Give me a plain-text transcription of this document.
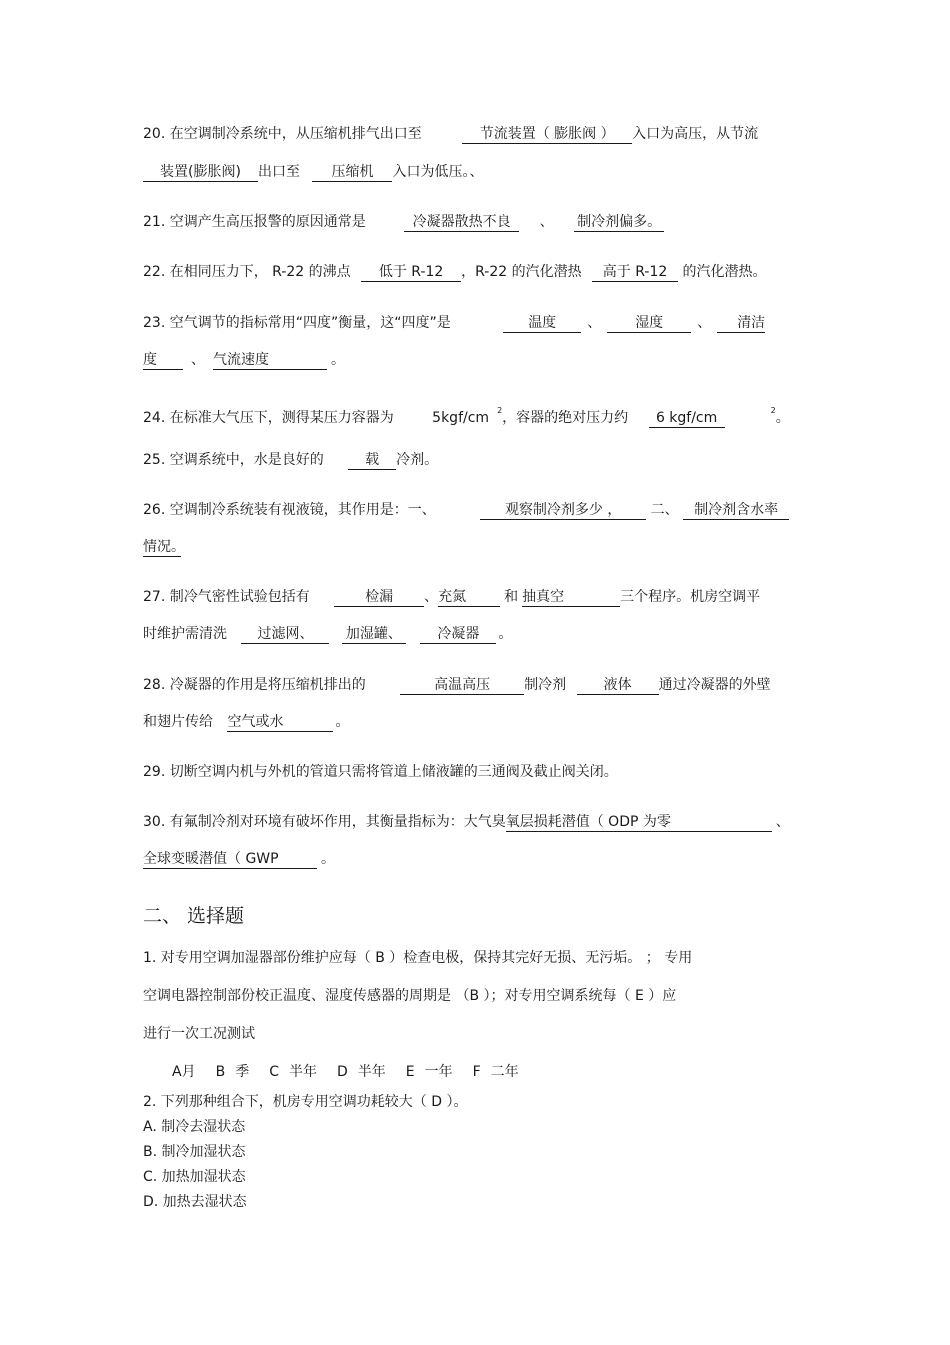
20. 在空调制冷系统中，从压缩机排气出口至	节流装置（ 膨胀阀 ） 入口为高压，从节流
装置(膨胀阀) 出口至 压缩机 入口为低压。、
21. 空调产生高压报警的原因通常是	冷凝器散热不良 、 制冷剂偏多。
22. 在相同压力下， R-22 的沸点 低于 R-12 ，R-22 的汽化潜热 高于 R-12 的汽化潜热。
23. 空气调节的指标常用“四度”衡量，这“四度”是	温度 、 湿度 、 清洁
度 、 气流速度	。
24. 在标准大气压下，测得某压力容器为	5kgf/cm $^2$，容器的绝对压力约 6 kgf/cm	$^2$。
25. 空调系统中，水是良好的	载 冷剂。
26. 空调制冷系统装有视液镜，其作用是：一、	观察制冷剂多少 ， 二、 制冷剂含水率
情况。
27. 制冷气密性试验包括有	检漏 、充氮	和 抽真空	三个程序。机房空调平
时维护需清洗 过滤网、 加湿罐、	冷凝器 。
28. 冷凝器的作用是将压缩机排出的	高温高压 制冷剂	液体 通过冷凝器的外壁
和翅片传给 空气或水	。
29. 切断空调内机与外机的管道只需将管道上储液罐的三通阀及截止阀关闭。
30. 有氟制冷剂对环境有破坏作用，其衡量指标为：大气臭氧层损耗潜值（ ODP 为零	、
全球变暖潜值（ GWP	。
二、 选择题
1. 对专用空调加湿器部份维护应每（ B ）检查电极，保持其完好无损、无污垢。 ； 专用
空调电器控制部份校正温度、湿度传感器的周期是 （B ）；对专用空调系统每（ E ）应
进行一次工况测试
A月 B 季 C 半年 D 半年 E 一年 F 二年
2. 下列那种组合下，机房专用空调功耗较大（ D ）。
A. 制冷去湿状态
B. 制冷加湿状态
C. 加热加湿状态
D. 加热去湿状态
